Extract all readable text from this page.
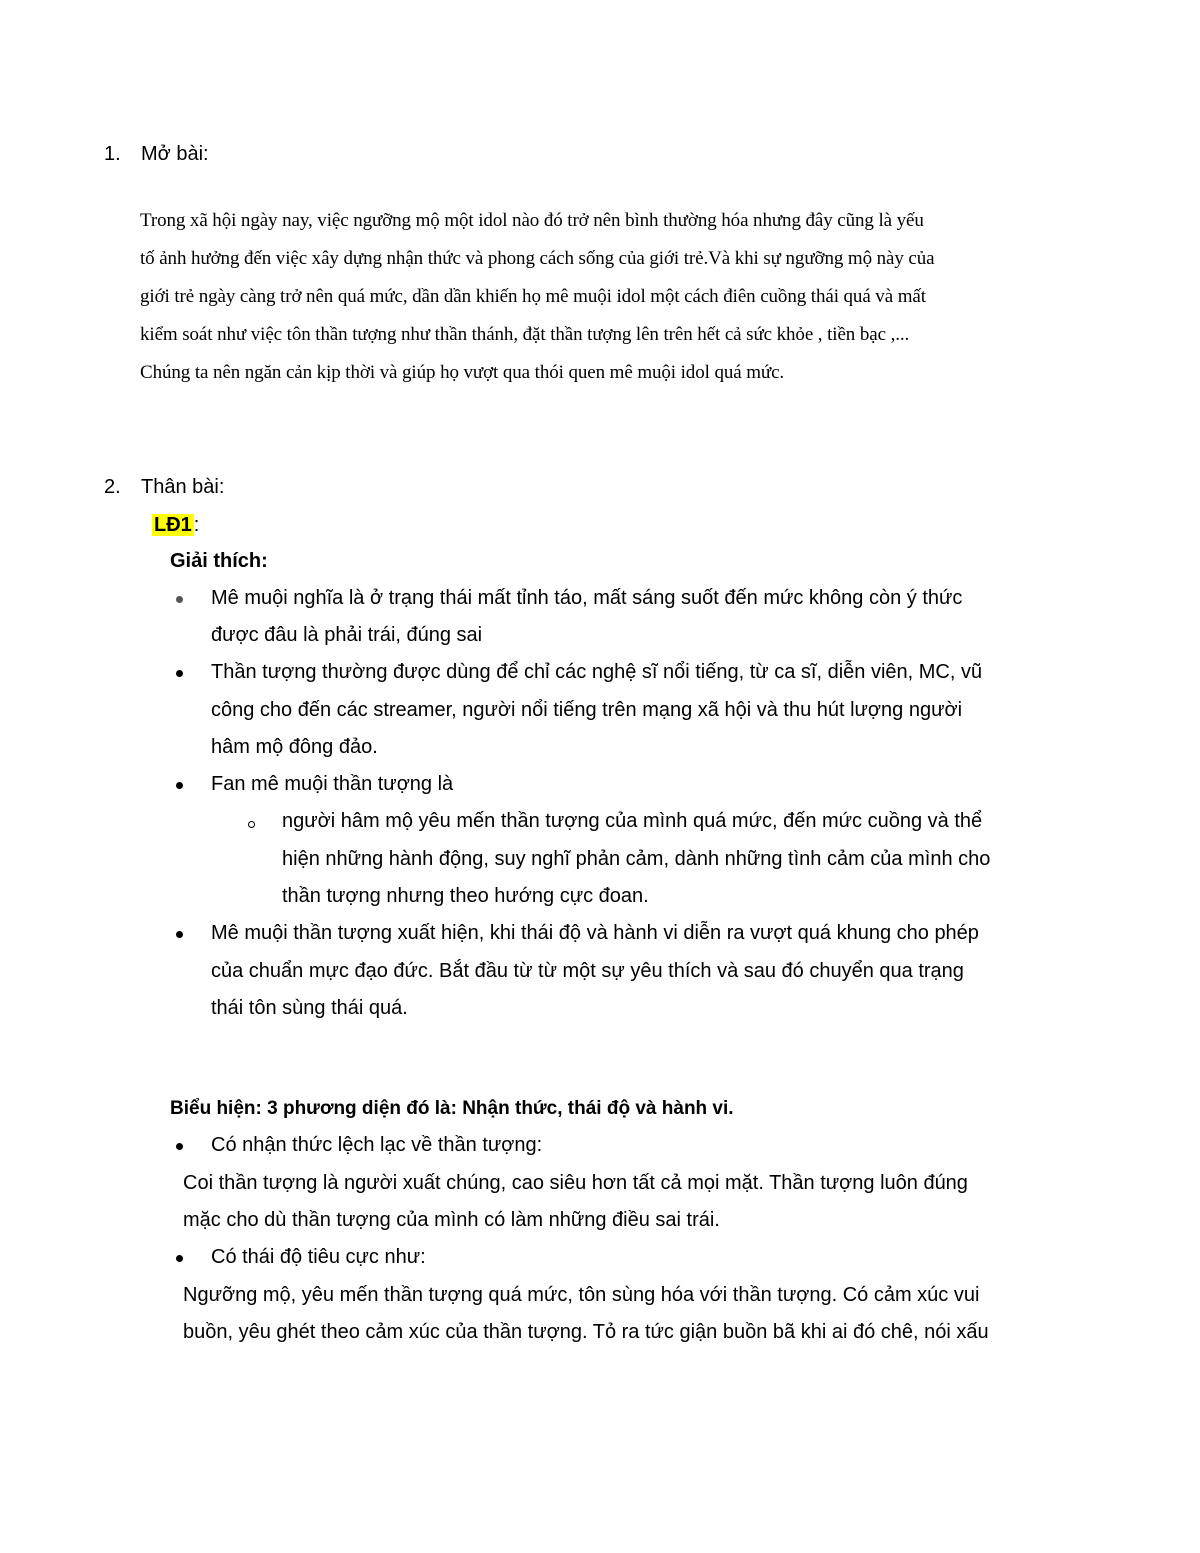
1. Mở bài:
Trong xã hội ngày nay, việc ngưỡng mộ một idol nào đó trở nên bình thường hóa nhưng đây cũng là yếu
tố ảnh hưởng đến việc xây dựng nhận thức và phong cách sống của giới trẻ.Và khi sự ngưỡng mộ này của
giới trẻ ngày càng trở nên quá mức, dần dần khiến họ mê muội idol một cách điên cuồng thái quá và mất
kiểm soát như việc tôn thần tượng như thần thánh, đặt thần tượng lên trên hết cả sức khỏe , tiền bạc ,...
Chúng ta nên ngăn cản kịp thời và giúp họ vượt qua thói quen mê muội idol quá mức.
2. Thân bài:
LĐ1 :
Giải thích:
Mê muội nghĩa là ở trạng thái mất tỉnh táo, mất sáng suốt đến mức không còn ý thức
được đâu là phải trái, đúng sai
Thần tượng thường được dùng để chỉ các nghệ sĩ nổi tiếng, từ ca sĩ, diễn viên, MC, vũ
công cho đến các streamer, người nổi tiếng trên mạng xã hội và thu hút lượng người
hâm mộ đông đảo.
Fan mê muội thần tượng là
người hâm mộ yêu mến thần tượng của mình quá mức, đến mức cuồng và thể
hiện những hành động, suy nghĩ phản cảm, dành những tình cảm của mình cho
thần tượng nhưng theo hướng cực đoan.
Mê muội thần tượng xuất hiện, khi thái độ và hành vi diễn ra vượt quá khung cho phép
của chuẩn mực đạo đức. Bắt đầu từ từ một sự yêu thích và sau đó chuyển qua trạng
thái tôn sùng thái quá.
Biểu hiện: 3 phương diện đó là: Nhận thức, thái độ và hành vi.
Có nhận thức lệch lạc về thần tượng:
Coi thần tượng là người xuất chúng, cao siêu hơn tất cả mọi mặt. Thần tượng luôn đúng
mặc cho dù thần tượng của mình có làm những điều sai trái.
Có thái độ tiêu cực như:
Ngưỡng mộ, yêu mến thần tượng quá mức, tôn sùng hóa với thần tượng. Có cảm xúc vui
buồn, yêu ghét theo cảm xúc của thần tượng. Tỏ ra tức giận buồn bã khi ai đó chê, nói xấu
